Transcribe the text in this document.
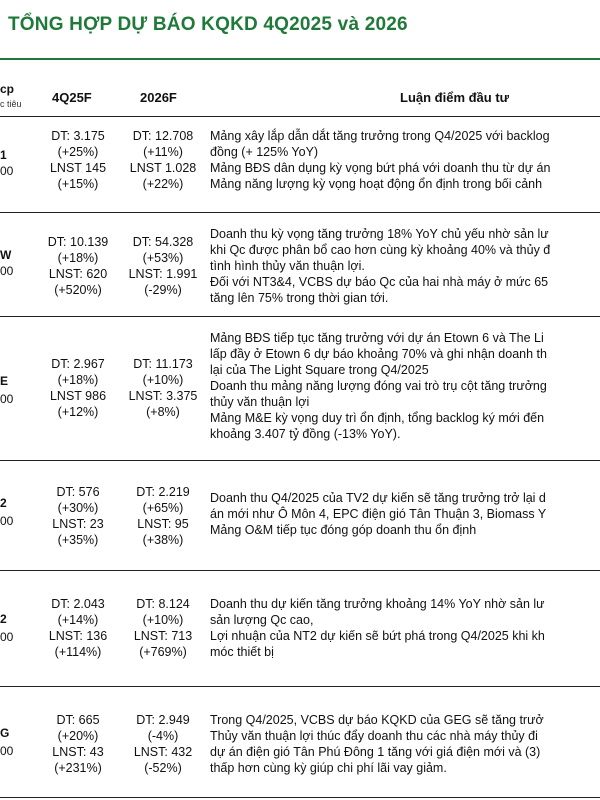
TỔNG HỢP DỰ BÁO KQKD 4Q2025 và 2026
cp
c tiêu 4Q25F	2026F	Luận điểm đầu tư
1
00
DT: 3.175
(+25%)
LNST 145
(+15%)
DT: 12.708
(+11%)
LNST 1.028
(+22%)
Mảng xây lắp dẫn dắt tăng trưởng trong Q4/2025 với backlog
đồng (+ 125% YoY)
Mảng BĐS dân dụng kỳ vọng bứt phá với doanh thu từ dự án
Mảng năng lượng kỳ vọng hoạt động ổn định trong bối cảnh
W
00
DT: 10.139
(+18%)
LNST: 620
(+520%)
DT: 54.328
(+53%)
LNST: 1.991
(-29%)
Doanh thu kỳ vọng tăng trưởng 18% YoY chủ yếu nhờ sản lư
khi Qc được phân bổ cao hơn cùng kỳ khoảng 40% và thủy đ
tình hình thủy văn thuận lợi.
Đối với NT3&4, VCBS dự báo Qc của hai nhà máy ở mức 65
tăng lên 75% trong thời gian tới.
E
00
DT: 2.967
(+18%)
LNST 986
(+12%)
DT: 11.173
(+10%)
LNST: 3.375
(+8%)
Mảng BĐS tiếp tục tăng trưởng với dự án Etown 6 và The Li
lấp đầy ở Etown 6 dự báo khoảng 70% và ghi nhận doanh th
lại của The Light Square trong Q4/2025
Doanh thu mảng năng lượng đóng vai trò trụ cột tăng trưởng
thủy văn thuận lợi
Mảng M&E kỳ vọng duy trì ổn định, tổng backlog ký mới đến
khoảng 3.407 tỷ đồng (-13% YoY).
2
00
DT: 576
(+30%)
LNST: 23
(+35%)
DT: 2.219
(+65%)
LNST: 95
(+38%)
Doanh thu Q4/2025 của TV2 dự kiến sẽ tăng trưởng trở lại d
án mới như Ô Môn 4, EPC điện gió Tân Thuận 3, Biomass Y
Mảng O&M tiếp tục đóng góp doanh thu ổn định
2
00
DT: 2.043
(+14%)
LNST: 136
(+114%)
DT: 8.124
(+10%)
LNST: 713
(+769%)
Doanh thu dự kiến tăng trưởng khoảng 14% YoY nhờ sản lư
sản lượng Qc cao,
Lợi nhuận của NT2 dự kiến sẽ bứt phá trong Q4/2025 khi kh
móc thiết bị
G
00
DT: 665
(+20%)
LNST: 43
(+231%)
DT: 2.949
(-4%)
LNST: 432
(-52%)
Trong Q4/2025, VCBS dự báo KQKD của GEG sẽ tăng trưở
Thủy văn thuận lợi thúc đẩy doanh thu các nhà máy thủy đi
dự án điện gió Tân Phú Đông 1 tăng với giá điện mới và (3)
thấp hơn cùng kỳ giúp chi phí lãi vay giảm.
